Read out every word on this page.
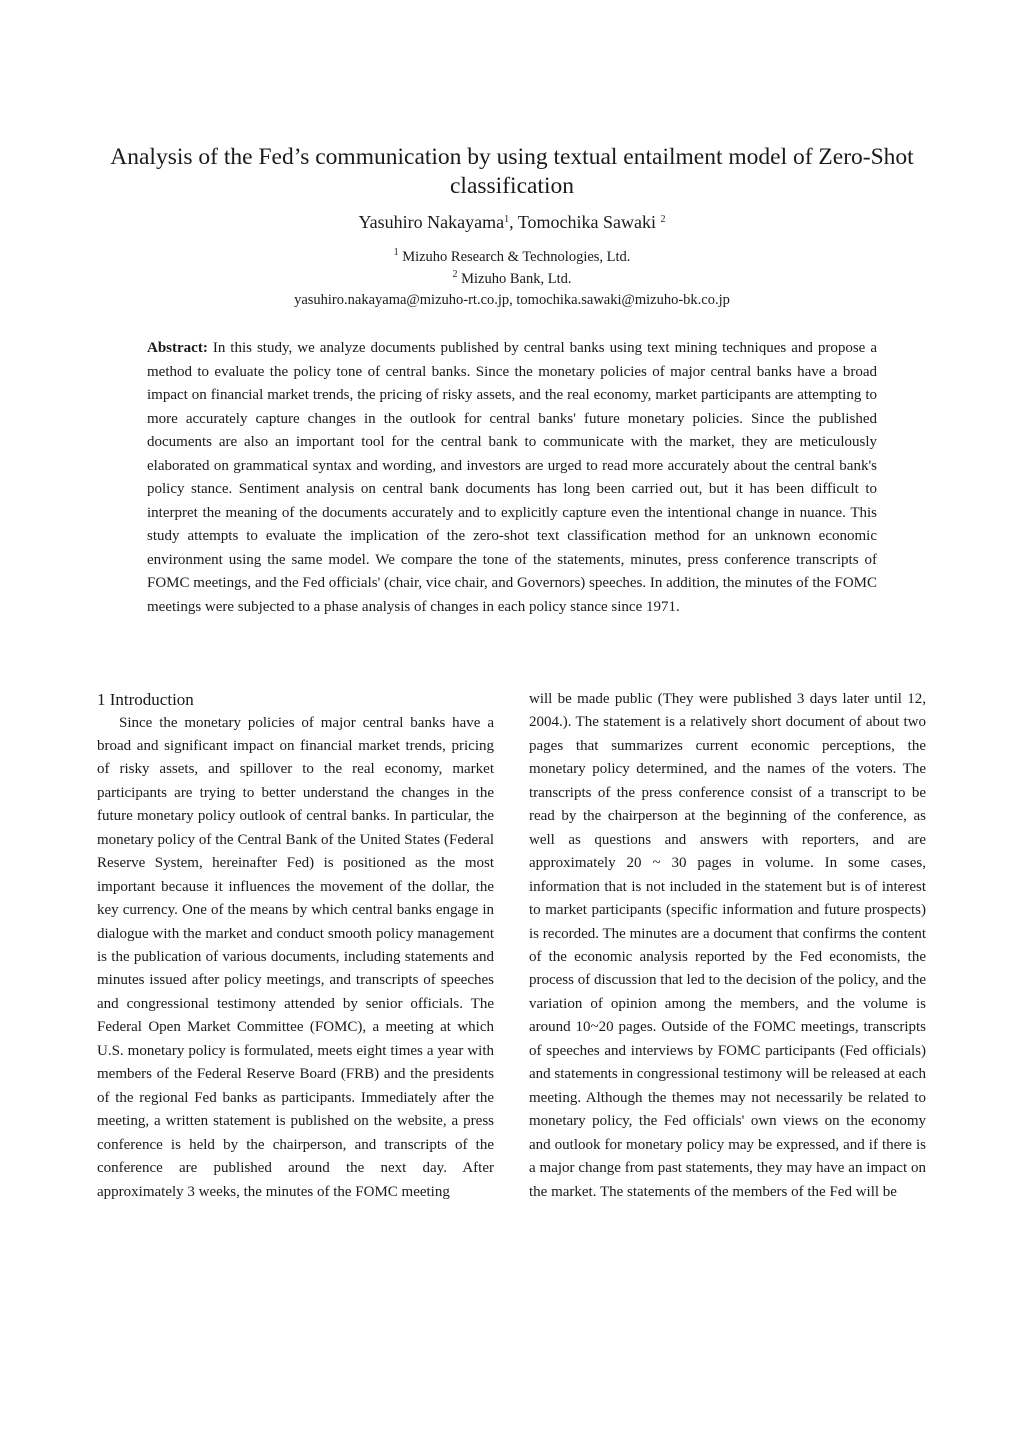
Analysis of the Fed’s communication by using textual entailment model of Zero-Shot classification
Yasuhiro Nakayama$^1$, Tomochika Sawaki $^2$
$^1$ Mizuho Research & Technologies, Ltd.
$^2$ Mizuho Bank, Ltd.
yasuhiro.nakayama@mizuho-rt.co.jp, tomochika.sawaki@mizuho-bk.co.jp

Abstract: In this study, we analyze documents published by central banks using text mining techniques and propose a method to evaluate the policy tone of central banks. Since the monetary policies of major central banks have a broad impact on financial market trends, the pricing of risky assets, and the real economy, market participants are attempting to more accurately capture changes in the outlook for central banks' future monetary policies. Since the published documents are also an important tool for the central bank to communicate with the market, they are meticulously elaborated on grammatical syntax and wording, and investors are urged to read more accurately about the central bank's policy stance. Sentiment analysis on central bank documents has long been carried out, but it has been difficult to interpret the meaning of the documents accurately and to explicitly capture even the intentional change in nuance. This study attempts to evaluate the implication of the zero-shot text classification method for an unknown economic environment using the same model. We compare the tone of the statements, minutes, press conference transcripts of FOMC meetings, and the Fed officials' (chair, vice chair, and Governors) speeches. In addition, the minutes of the FOMC meetings were subjected to a phase analysis of changes in each policy stance since 1971.

1 Introduction

Since the monetary policies of major central banks have a broad and significant impact on financial market trends, pricing of risky assets, and spillover to the real economy, market participants are trying to better understand the changes in the future monetary policy outlook of central banks. In particular, the monetary policy of the Central Bank of the United States (Federal Reserve System, hereinafter Fed) is positioned as the most important because it influences the movement of the dollar, the key currency. One of the means by which central banks engage in dialogue with the market and conduct smooth policy management is the publication of various documents, including statements and minutes issued after policy meetings, and transcripts of speeches and congressional testimony attended by senior officials. The Federal Open Market Committee (FOMC), a meeting at which U.S. monetary policy is formulated, meets eight times a year with members of the Federal Reserve Board (FRB) and the presidents of the regional Fed banks as participants. Immediately after the meeting, a written statement is published on the website, a press conference is held by the chairperson, and transcripts of the conference are published around the next day. After approximately 3 weeks, the minutes of the FOMC meeting

will be made public (They were published 3 days later until 12, 2004.). The statement is a relatively short document of about two pages that summarizes current economic perceptions, the monetary policy determined, and the names of the voters. The transcripts of the press conference consist of a transcript to be read by the chairperson at the beginning of the conference, as well as questions and answers with reporters, and are approximately 20 ~ 30 pages in volume. In some cases, information that is not included in the statement but is of interest to market participants (specific information and future prospects) is recorded. The minutes are a document that confirms the content of the economic analysis reported by the Fed economists, the process of discussion that led to the decision of the policy, and the variation of opinion among the members, and the volume is around 10~20 pages. Outside of the FOMC meetings, transcripts of speeches and interviews by FOMC participants (Fed officials) and statements in congressional testimony will be released at each meeting. Although the themes may not necessarily be related to monetary policy, the Fed officials' own views on the economy and outlook for monetary policy may be expressed, and if there is a major change from past statements, they may have an impact on the market. The statements of the members of the Fed will be
